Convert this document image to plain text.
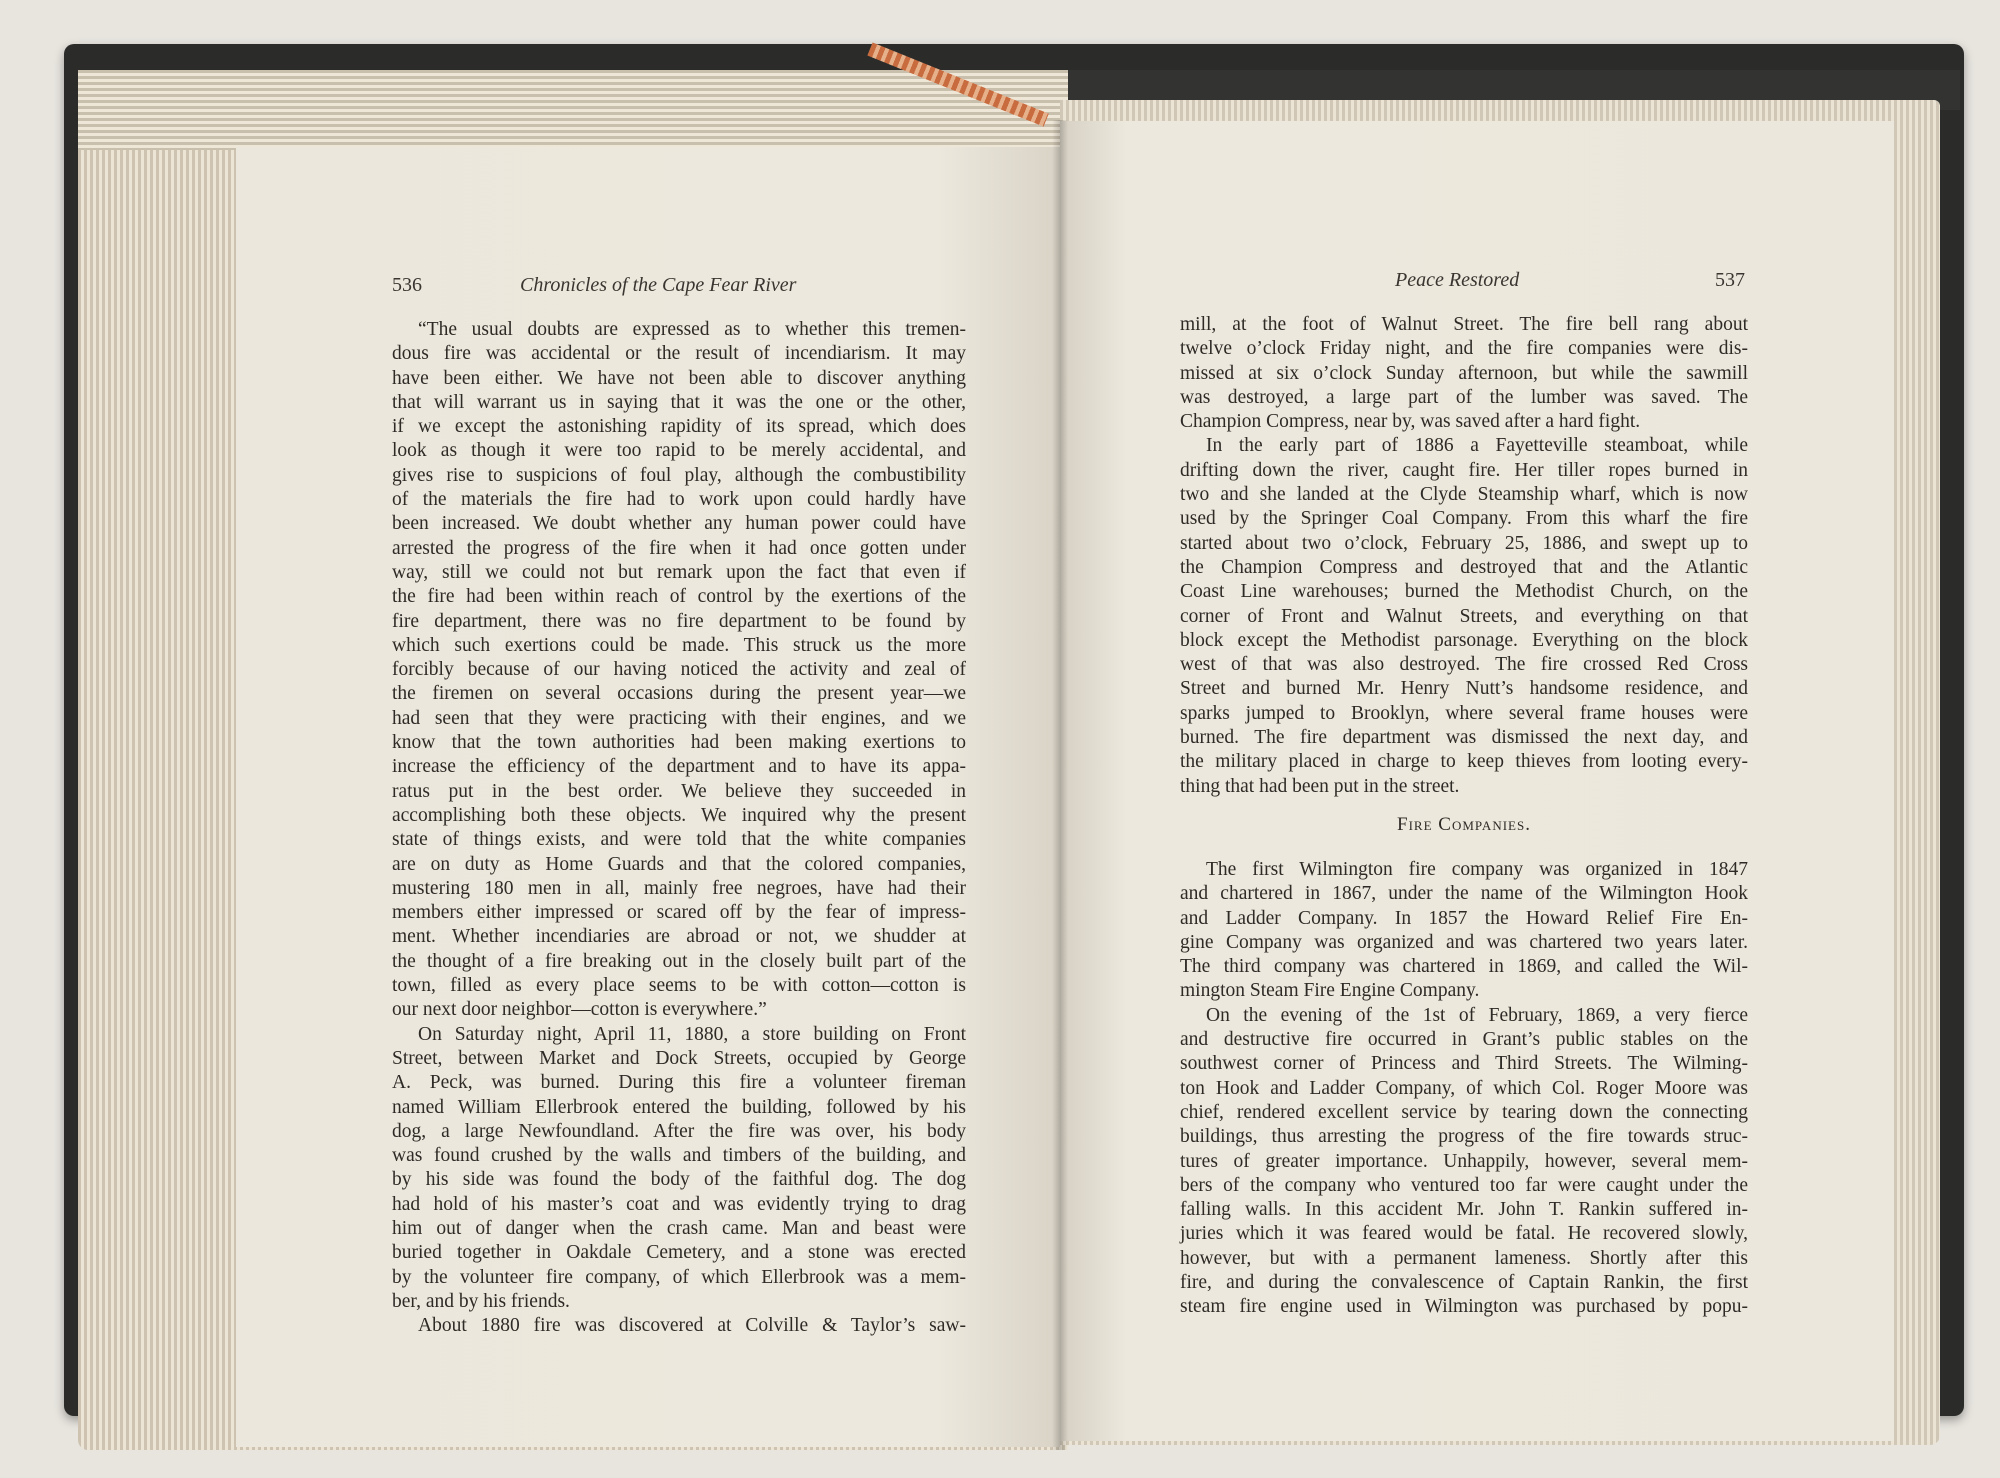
536	Chronicles of the Cape Fear River	Peace Restored	537
“The usual doubts are expressed as to whether this tremen-
dous fire was accidental or the result of incendiarism. It may
have been either. We have not been able to discover anything
that will warrant us in saying that it was the one or the other,
if we except the astonishing rapidity of its spread, which does
look as though it were too rapid to be merely accidental, and
gives rise to suspicions of foul play, although the combustibility
of the materials the fire had to work upon could hardly have
been increased. We doubt whether any human power could have
arrested the progress of the fire when it had once gotten under
way, still we could not but remark upon the fact that even if
the fire had been within reach of control by the exertions of the
fire department, there was no fire department to be found by
which such exertions could be made. This struck us the more
forcibly because of our having noticed the activity and zeal of
the firemen on several occasions during the present year—we
had seen that they were practicing with their engines, and we
know that the town authorities had been making exertions to
increase the efficiency of the department and to have its appa-
ratus put in the best order. We believe they succeeded in
accomplishing both these objects. We inquired why the present
state of things exists, and were told that the white companies
are on duty as Home Guards and that the colored companies,
mustering 180 men in all, mainly free negroes, have had their
members either impressed or scared off by the fear of impress-
ment. Whether incendiaries are abroad or not, we shudder at
the thought of a fire breaking out in the closely built part of the
town, filled as every place seems to be with cotton—cotton is
our next door neighbor—cotton is everywhere.”
On Saturday night, April 11, 1880, a store building on Front
Street, between Market and Dock Streets, occupied by George
A. Peck, was burned. During this fire a volunteer fireman
named William Ellerbrook entered the building, followed by his
dog, a large Newfoundland. After the fire was over, his body
was found crushed by the walls and timbers of the building, and
by his side was found the body of the faithful dog. The dog
had hold of his master’s coat and was evidently trying to drag
him out of danger when the crash came. Man and beast were
buried together in Oakdale Cemetery, and a stone was erected
by the volunteer fire company, of which Ellerbrook was a mem-
ber, and by his friends.
About 1880 fire was discovered at Colville & Taylor’s saw-
mill, at the foot of Walnut Street. The fire bell rang about
twelve o’clock Friday night, and the fire companies were dis-
missed at six o’clock Sunday afternoon, but while the sawmill
was destroyed, a large part of the lumber was saved. The
Champion Compress, near by, was saved after a hard fight.
In the early part of 1886 a Fayetteville steamboat, while
drifting down the river, caught fire. Her tiller ropes burned in
two and she landed at the Clyde Steamship wharf, which is now
used by the Springer Coal Company. From this wharf the fire
started about two o’clock, February 25, 1886, and swept up to
the Champion Compress and destroyed that and the Atlantic
Coast Line warehouses; burned the Methodist Church, on the
corner of Front and Walnut Streets, and everything on that
block except the Methodist parsonage. Everything on the block
west of that was also destroyed. The fire crossed Red Cross
Street and burned Mr. Henry Nutt’s handsome residence, and
sparks jumped to Brooklyn, where several frame houses were
burned. The fire department was dismissed the next day, and
the military placed in charge to keep thieves from looting every-
thing that had been put in the street.
Fire Companies.
The first Wilmington fire company was organized in 1847
and chartered in 1867, under the name of the Wilmington Hook
and Ladder Company. In 1857 the Howard Relief Fire En-
gine Company was organized and was chartered two years later.
The third company was chartered in 1869, and called the Wil-
mington Steam Fire Engine Company.
On the evening of the 1st of February, 1869, a very fierce
and destructive fire occurred in Grant’s public stables on the
southwest corner of Princess and Third Streets. The Wilming-
ton Hook and Ladder Company, of which Col. Roger Moore was
chief, rendered excellent service by tearing down the connecting
buildings, thus arresting the progress of the fire towards struc-
tures of greater importance. Unhappily, however, several mem-
bers of the company who ventured too far were caught under the
falling walls. In this accident Mr. John T. Rankin suffered in-
juries which it was feared would be fatal. He recovered slowly,
however, but with a permanent lameness. Shortly after this
fire, and during the convalescence of Captain Rankin, the first
steam fire engine used in Wilmington was purchased by popu-
